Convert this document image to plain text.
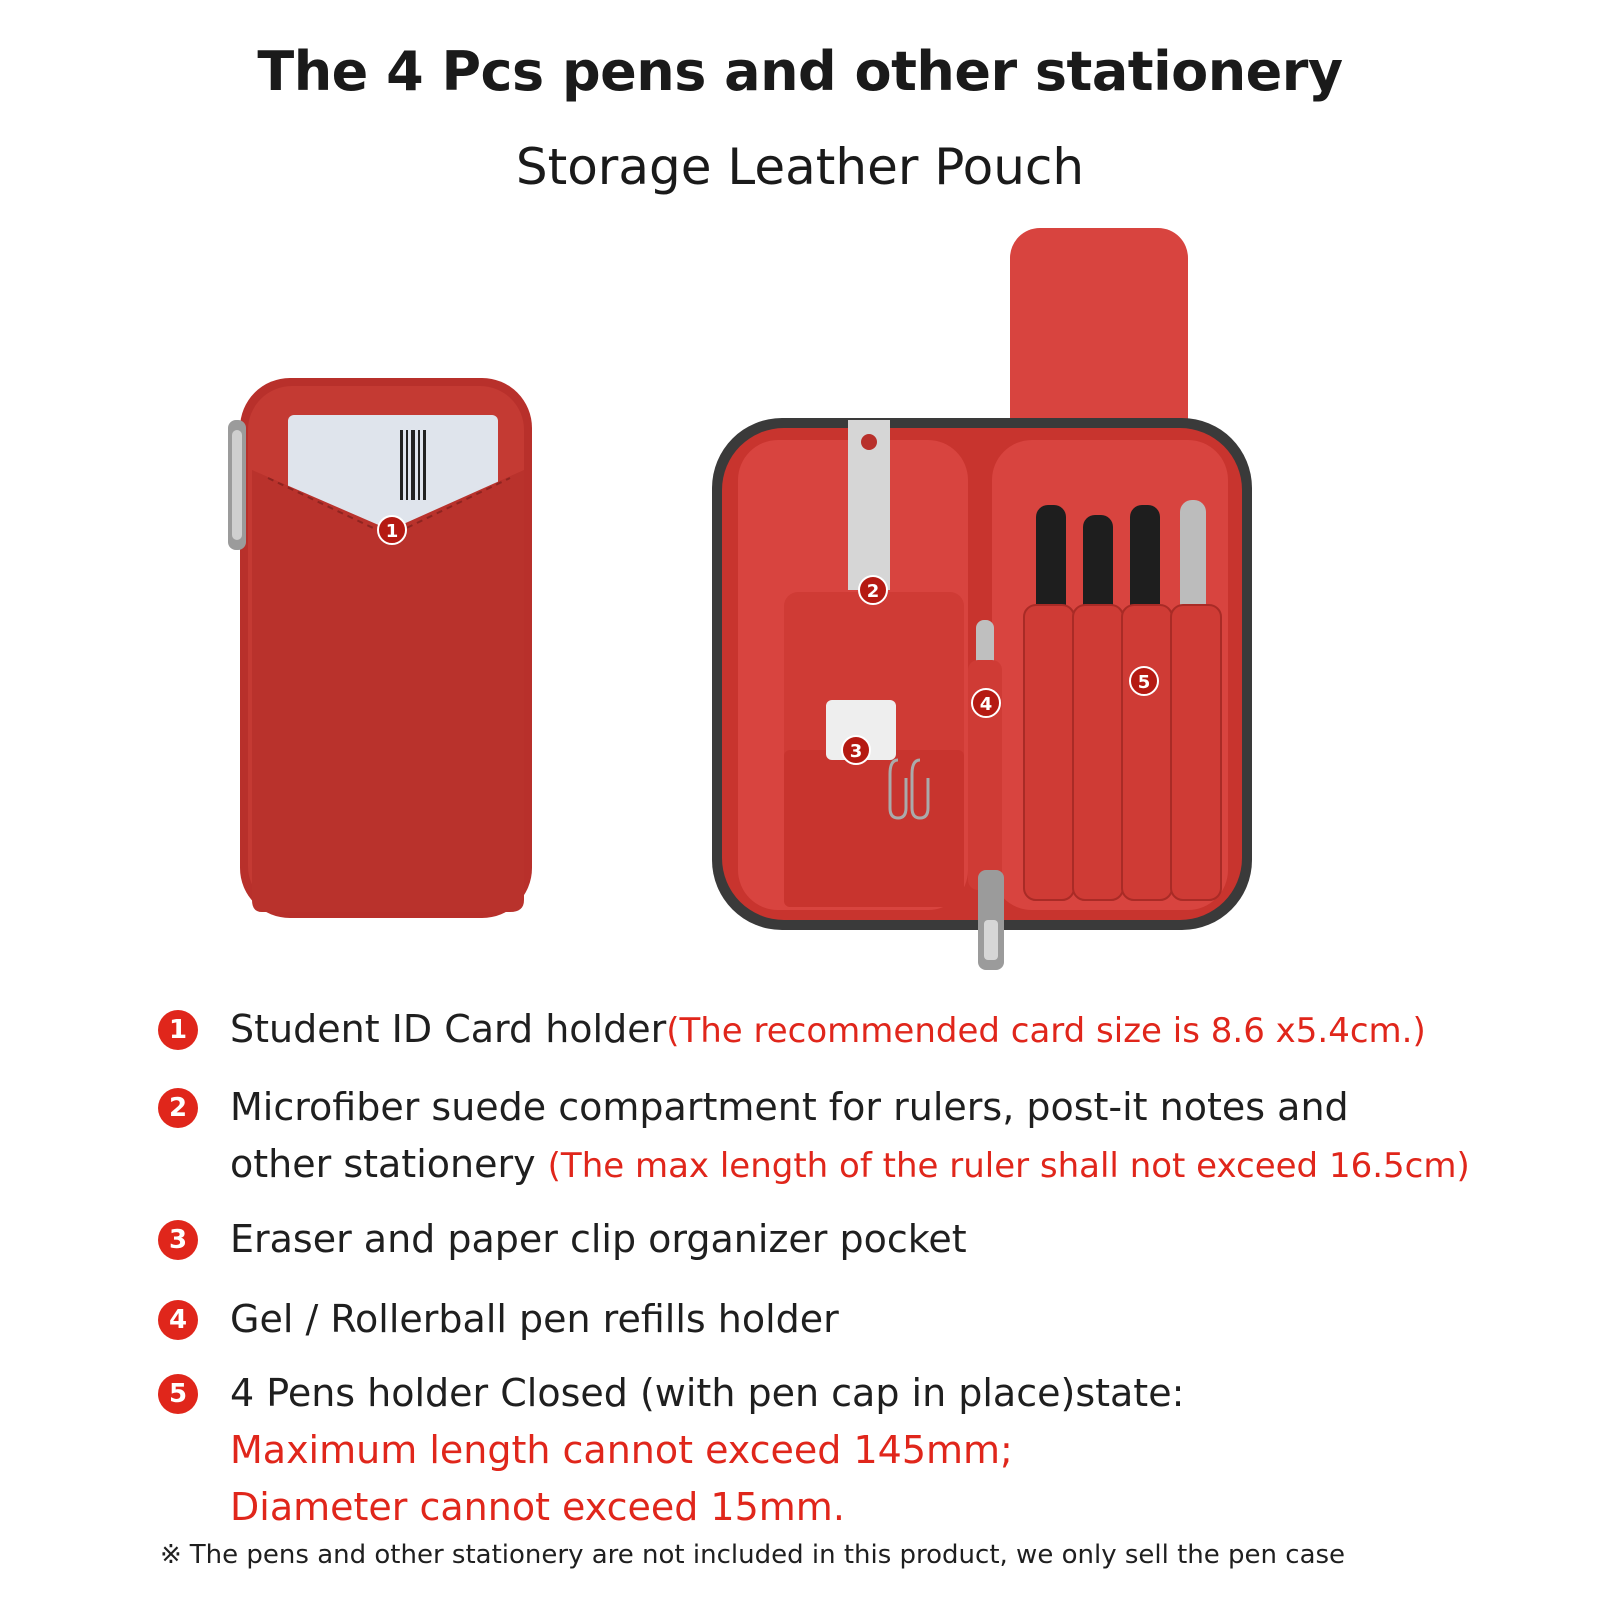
The 4 Pcs pens and other stationery
Storage Leather Pouch
1
2
3
4
5
1 Student ID Card holder(The recommended card size is 8.6 x5.4cm.)
2 Microfiber suede compartment for rulers, post-it notes and
other stationery (The max length of the ruler shall not exceed 16.5cm)
3 Eraser and paper clip organizer pocket
4 Gel / Rollerball pen refills holder
5 4 Pens holder Closed (with pen cap in place)state:
Maximum length cannot exceed 145mm;
Diameter cannot exceed 15mm.
※ The pens and other stationery are not included in this product, we only sell the pen case
